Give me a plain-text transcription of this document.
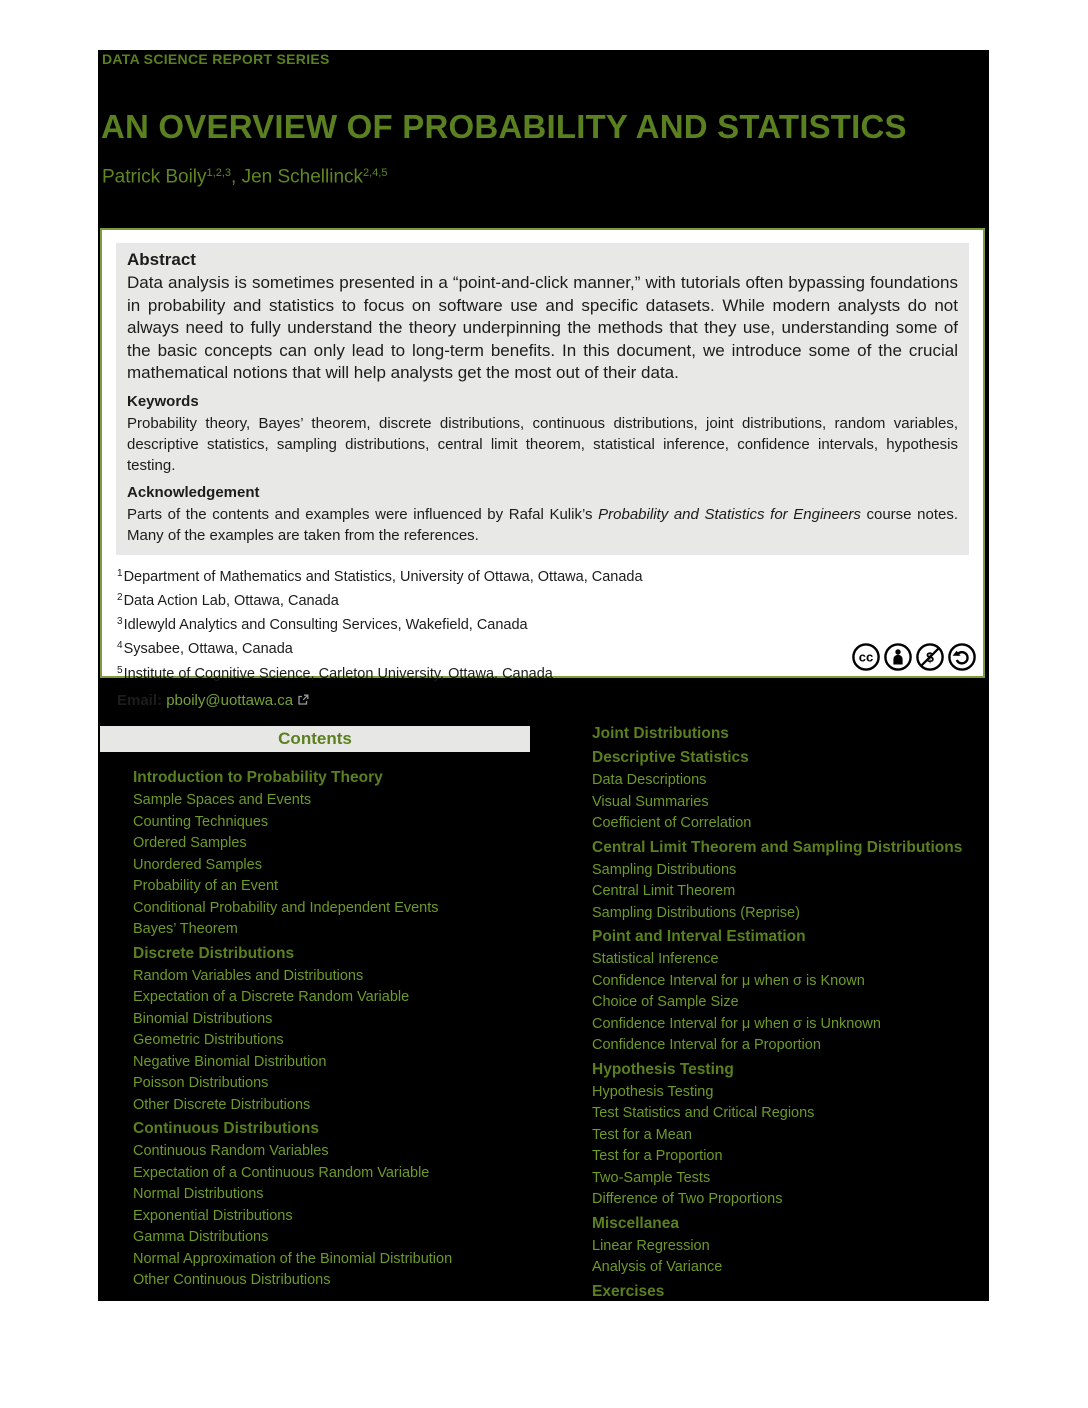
DATA SCIENCE REPORT SERIES
AN OVERVIEW OF PROBABILITY AND STATISTICS
Patrick Boily$^{1,2,3}$, Jen Schellinck$^{2,4,5}$

Abstract

Data analysis is sometimes presented in a “point-and-click manner,” with tutorials often bypassing foundations in probability and statistics to focus on software use and specific datasets. While modern analysts do not always need to fully understand the theory underpinning the methods that they use, understanding some of the basic concepts can only lead to long-term benefits. In this document, we introduce some of the crucial mathematical notions that will help analysts get the most out of their data.

Keywords

Probability theory, Bayes’ theorem, discrete distributions, continuous distributions, joint distributions, random variables, descriptive statistics, sampling distributions, central limit theorem, statistical inference, confidence intervals, hypothesis testing.

Acknowledgement

Parts of the contents and examples were influenced by Rafal Kulik’s Probability and Statistics for Engineers course notes. Many of the examples are taken from the references.

$^1$Department of Mathematics and Statistics, University of Ottawa, Ottawa, Canada
$^2$Data Action Lab, Ottawa, Canada
$^3$Idlewyld Analytics and Consulting Services, Wakefield, Canada
$^4$Sysabee, Ottawa, Canada
$^5$Institute of Cognitive Science, Carleton University, Ottawa, Canada
Email: pboily@uottawa.ca
cc	$
Contents
Introduction to Probability Theory
Sample Spaces and Events
Counting Techniques
Ordered Samples
Unordered Samples
Probability of an Event
Conditional Probability and Independent Events
Bayes’ Theorem
Discrete Distributions
Random Variables and Distributions
Expectation of a Discrete Random Variable
Binomial Distributions
Geometric Distributions
Negative Binomial Distribution
Poisson Distributions
Other Discrete Distributions
Continuous Distributions
Continuous Random Variables
Expectation of a Continuous Random Variable
Normal Distributions
Exponential Distributions
Gamma Distributions
Normal Approximation of the Binomial Distribution
Other Continuous Distributions
Joint Distributions
Descriptive Statistics
Data Descriptions
Visual Summaries
Coefficient of Correlation
Central Limit Theorem and Sampling Distributions
Sampling Distributions
Central Limit Theorem
Sampling Distributions (Reprise)
Point and Interval Estimation
Statistical Inference
Confidence Interval for μ when σ is Known
Choice of Sample Size
Confidence Interval for μ when σ is Unknown
Confidence Interval for a Proportion
Hypothesis Testing
Hypothesis Testing
Test Statistics and Critical Regions
Test for a Mean
Test for a Proportion
Two-Sample Tests
Difference of Two Proportions
Miscellanea
Linear Regression
Analysis of Variance
Exercises
